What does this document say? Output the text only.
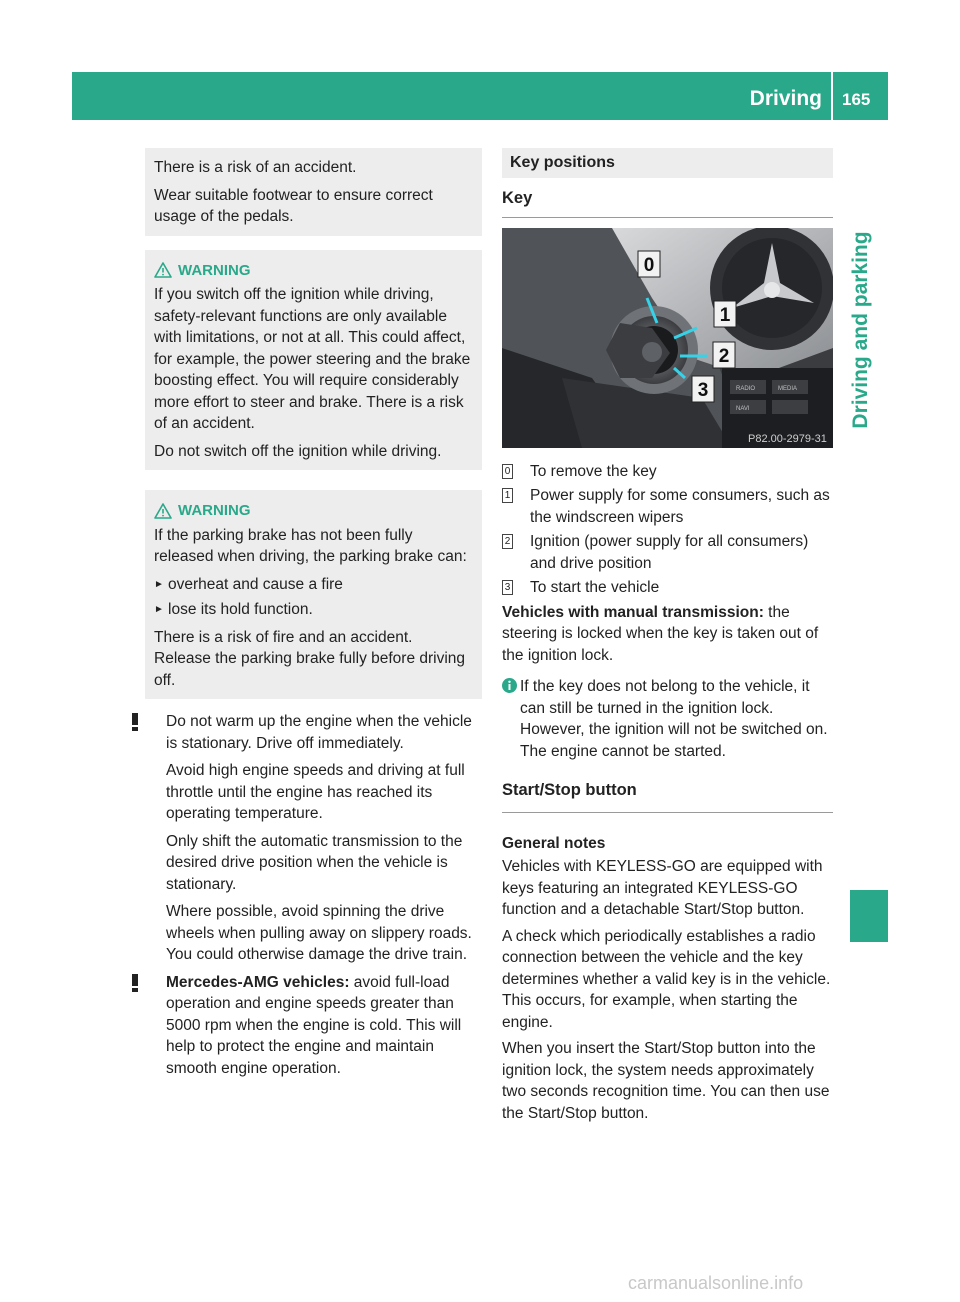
Driving 165
Driving and parking

There is a risk of an accident.

Wear suitable footwear to ensure correct usage of the pedals.

WARNING

If you switch off the ignition while driving, safety-relevant functions are only available with limitations, or not at all. This could affect, for example, the power steering and the brake boosting effect. You will require considerably more effort to steer and brake. There is a risk of an accident.

Do not switch off the ignition while driving.

WARNING

If the parking brake has not been fully released when driving, the parking brake can:

► overheat and cause a fire
► lose its hold function.

There is a risk of fire and an accident. Release the parking brake fully before driving off.

Do not warm up the engine when the vehicle is stationary. Drive off immediately.

Avoid high engine speeds and driving at full throttle until the engine has reached its operating temperature.

Only shift the automatic transmission to the desired drive position when the vehicle is stationary.

Where possible, avoid spinning the drive wheels when pulling away on slippery roads. You could otherwise damage the drive train.

Mercedes-AMG vehicles: avoid full-load operation and engine speeds greater than 5000 rpm when the engine is cold. This will help to protect the engine and maintain smooth engine operation.

Key positions
Key
RADIO	MEDIA
NAVI
0
1
2
3
P82.00-2979-31
0 To remove the key
1 Power supply for some consumers, such as the windscreen wipers
2 Ignition (power supply for all consumers) and drive position
3 To start the vehicle

Vehicles with manual transmission: the steering is locked when the key is taken out of the ignition lock.

If the key does not belong to the vehicle, it can still be turned in the ignition lock. However, the ignition will not be switched on. The engine cannot be started.

Start/Stop button
General notes

Vehicles with KEYLESS-GO are equipped with keys featuring an integrated KEYLESS-GO function and a detachable Start/Stop button.

A check which periodically establishes a radio connection between the vehicle and the key determines whether a valid key is in the vehicle. This occurs, for example, when starting the engine.

When you insert the Start/Stop button into the ignition lock, the system needs approximately two seconds recognition time. You can then use the Start/Stop button.

carmanualsonline.info
